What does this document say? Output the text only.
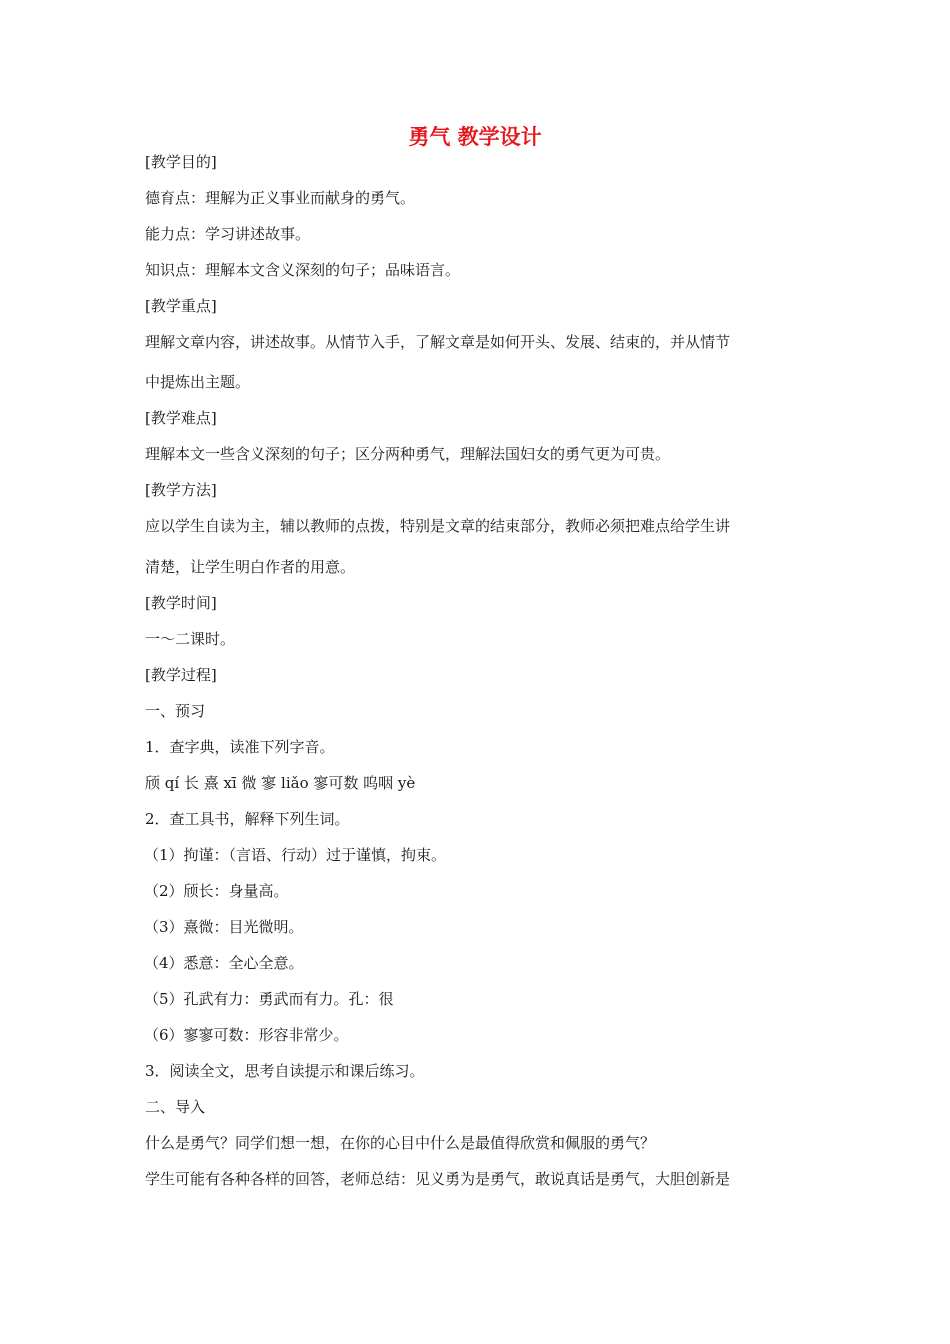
勇气 教学设计

[教学目的]

德育点：理解为正义事业而献身的勇气。

能力点：学习讲述故事。

知识点：理解本文含义深刻的句子；品味语言。

[教学重点]

理解文章内容，讲述故事。从情节入手，了解文章是如何开头、发展、结束的，并从情节

中提炼出主题。

[教学难点]

理解本文一些含义深刻的句子；区分两种勇气，理解法国妇女的勇气更为可贵。

[教学方法]

应以学生自读为主，辅以教师的点拨，特别是文章的结束部分，教师必须把难点给学生讲

清楚，让学生明白作者的用意。

[教学时间]

一～二课时。

[教学过程]

一、预习

1．查字典，读准下列字音。

颀 qí 长 熹 xī 微 寥 liǎo 寥可数 呜咽 yè

2．查工具书，解释下列生词。

（1）拘谨：（言语、行动）过于谨慎，拘束。

（2）颀长：身量高。

（3）熹微：目光微明。

（4）悉意：全心全意。

（5）孔武有力：勇武而有力。孔：很

（6）寥寥可数：形容非常少。

3．阅读全文，思考自读提示和课后练习。

二、导入

什么是勇气？同学们想一想，在你的心目中什么是最值得欣赏和佩服的勇气？

学生可能有各种各样的回答，老师总结：见义勇为是勇气，敢说真话是勇气，大胆创新是
